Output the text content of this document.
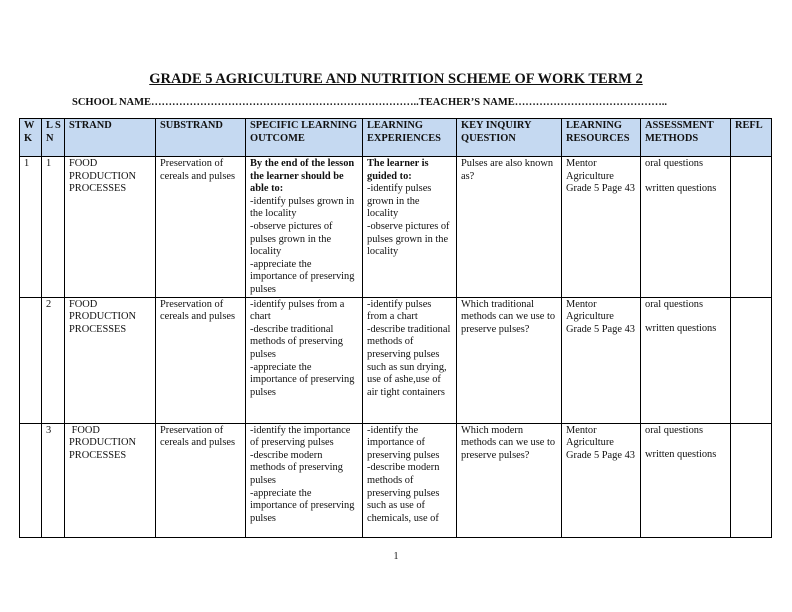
GRADE 5 AGRICULTURE AND NUTRITION SCHEME OF WORK TERM 2
SCHOOL NAME…………………………………………………………………..TEACHER’S NAME……………………………………..
W K	L S N	STRAND	SUBSTRAND	SPECIFIC LEARNING OUTCOME	LEARNING EXPERIENCES	KEY INQUIRY QUESTION	LEARNING RESOURCES	ASSESSMENT METHODS	REFL
1	1	FOOD PRODUCTION PROCESSES	Preservation of cereals and pulses	By the end of the lesson the learner should be able to:
-identify pulses grown in the locality
-observe pictures of pulses grown in the locality
-appreciate the importance of preserving pulses	The learner is guided to:
-identify pulses grown in the locality
-observe pictures of pulses grown in the locality	Pulses are also known as?	Mentor Agriculture Grade 5 Page 43	oral questions
written questions	

	2	FOOD PRODUCTION PROCESSES	Preservation of cereals and pulses	-identify pulses from a chart
-describe traditional methods of preserving pulses
-appreciate the importance of preserving pulses	-identify pulses from a chart
-describe traditional methods of preserving pulses such as sun drying, use of ashe,use of air tight containers	Which traditional methods can we use to preserve pulses?	Mentor Agriculture Grade 5 Page 43	oral questions
written questions	

	3	FOOD PRODUCTION PROCESSES	Preservation of cereals and pulses	-identify the importance of preserving pulses
-describe modern methods of preserving pulses
-appreciate the importance of preserving pulses	-identify the importance of preserving pulses
-describe modern methods of preserving pulses such as use of chemicals, use of	Which modern methods can we use to preserve pulses?	Mentor Agriculture Grade 5 Page 43	oral questions
written questions	

1
